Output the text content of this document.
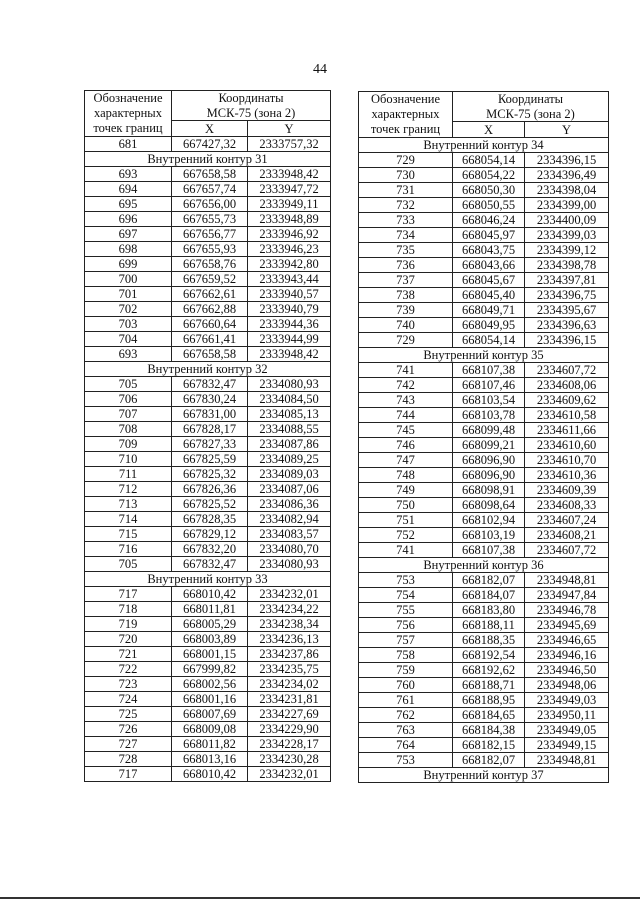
44
Обозначение
характерных
точек границ	Координаты	
	МСК-75 (зона 2)	
	X	Y
681	667427,32	2333757,32
Внутренний контур 31		
693	667658,58	2333948,42
694	667657,74	2333947,72
695	667656,00	2333949,11
696	667655,73	2333948,89
697	667656,77	2333946,92
698	667655,93	2333946,23
699	667658,76	2333942,80
700	667659,52	2333943,44
701	667662,61	2333940,57
702	667662,88	2333940,79
703	667660,64	2333944,36
704	667661,41	2333944,99
693	667658,58	2333948,42
Внутренний контур 32		
705	667832,47	2334080,93
706	667830,24	2334084,50
707	667831,00	2334085,13
708	667828,17	2334088,55
709	667827,33	2334087,86
710	667825,59	2334089,25
711	667825,32	2334089,03
712	667826,36	2334087,06
713	667825,52	2334086,36
714	667828,35	2334082,94
715	667829,12	2334083,57
716	667832,20	2334080,70
705	667832,47	2334080,93
Внутренний контур 33		
717	668010,42	2334232,01
718	668011,81	2334234,22
719	668005,29	2334238,34
720	668003,89	2334236,13
721	668001,15	2334237,86
722	667999,82	2334235,75
723	668002,56	2334234,02
724	668001,16	2334231,81
725	668007,69	2334227,69
726	668009,08	2334229,90
727	668011,82	2334228,17
728	668013,16	2334230,28
717	668010,42	2334232,01
Обозначение
характерных
точек границ	Координаты	
	МСК-75 (зона 2)	
	X	Y
Внутренний контур 34		
729	668054,14	2334396,15
730	668054,22	2334396,49
731	668050,30	2334398,04
732	668050,55	2334399,00
733	668046,24	2334400,09
734	668045,97	2334399,03
735	668043,75	2334399,12
736	668043,66	2334398,78
737	668045,67	2334397,81
738	668045,40	2334396,75
739	668049,71	2334395,67
740	668049,95	2334396,63
729	668054,14	2334396,15
Внутренний контур 35		
741	668107,38	2334607,72
742	668107,46	2334608,06
743	668103,54	2334609,62
744	668103,78	2334610,58
745	668099,48	2334611,66
746	668099,21	2334610,60
747	668096,90	2334610,70
748	668096,90	2334610,36
749	668098,91	2334609,39
750	668098,64	2334608,33
751	668102,94	2334607,24
752	668103,19	2334608,21
741	668107,38	2334607,72
Внутренний контур 36		
753	668182,07	2334948,81
754	668184,07	2334947,84
755	668183,80	2334946,78
756	668188,11	2334945,69
757	668188,35	2334946,65
758	668192,54	2334946,16
759	668192,62	2334946,50
760	668188,71	2334948,06
761	668188,95	2334949,03
762	668184,65	2334950,11
763	668184,38	2334949,05
764	668182,15	2334949,15
753	668182,07	2334948,81
Внутренний контур 37		
